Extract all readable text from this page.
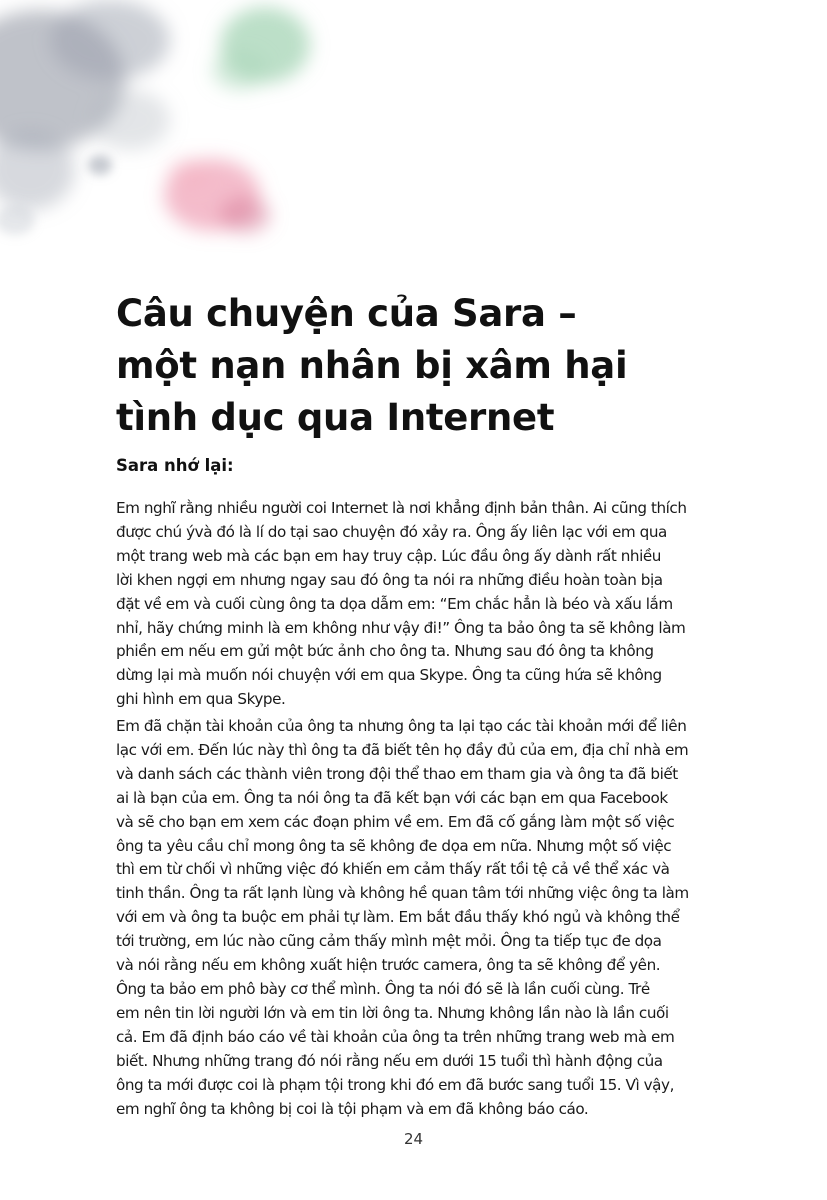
Câu chuyện của Sara –
một nạn nhân bị xâm hại
tình dục qua Internet
Sara nhớ lại:
Em nghĩ rằng nhiều người coi Internet là nơi khẳng định bản thân. Ai cũng thích
được chú ývà đó là lí do tại sao chuyện đó xảy ra. Ông ấy liên lạc với em qua
một trang web mà các bạn em hay truy cập. Lúc đầu ông ấy dành rất nhiều
lời khen ngợi em nhưng ngay sau đó ông ta nói ra những điều hoàn toàn bịa
đặt về em và cuối cùng ông ta dọa dẫm em: “Em chắc hẳn là béo và xấu lắm
nhỉ, hãy chứng minh là em không như vậy đi!” Ông ta bảo ông ta sẽ không làm
phiền em nếu em gửi một bức ảnh cho ông ta. Nhưng sau đó ông ta không
dừng lại mà muốn nói chuyện với em qua Skype. Ông ta cũng hứa sẽ không
ghi hình em qua Skype.
Em đã chặn tài khoản của ông ta nhưng ông ta lại tạo các tài khoản mới để liên
lạc với em. Đến lúc này thì ông ta đã biết tên họ đầy đủ của em, địa chỉ nhà em
và danh sách các thành viên trong đội thể thao em tham gia và ông ta đã biết
ai là bạn của em. Ông ta nói ông ta đã kết bạn với các bạn em qua Facebook
và sẽ cho bạn em xem các đoạn phim về em. Em đã cố gắng làm một số việc
ông ta yêu cầu chỉ mong ông ta sẽ không đe dọa em nữa. Nhưng một số việc
thì em từ chối vì những việc đó khiến em cảm thấy rất tồi tệ cả về thể xác và
tinh thần. Ông ta rất lạnh lùng và không hề quan tâm tới những việc ông ta làm
với em và ông ta buộc em phải tự làm. Em bắt đầu thấy khó ngủ và không thể
tới trường, em lúc nào cũng cảm thấy mình mệt mỏi. Ông ta tiếp tục đe dọa
và nói rằng nếu em không xuất hiện trước camera, ông ta sẽ không để yên.
Ông ta bảo em phô bày cơ thể mình. Ông ta nói đó sẽ là lần cuối cùng. Trẻ
em nên tin lời người lớn và em tin lời ông ta. Nhưng không lần nào là lần cuối
cả. Em đã định báo cáo về tài khoản của ông ta trên những trang web mà em
biết. Nhưng những trang đó nói rằng nếu em dưới 15 tuổi thì hành động của
ông ta mới được coi là phạm tội trong khi đó em đã bước sang tuổi 15. Vì vậy,
em nghĩ ông ta không bị coi là tội phạm và em đã không báo cáo.
24
